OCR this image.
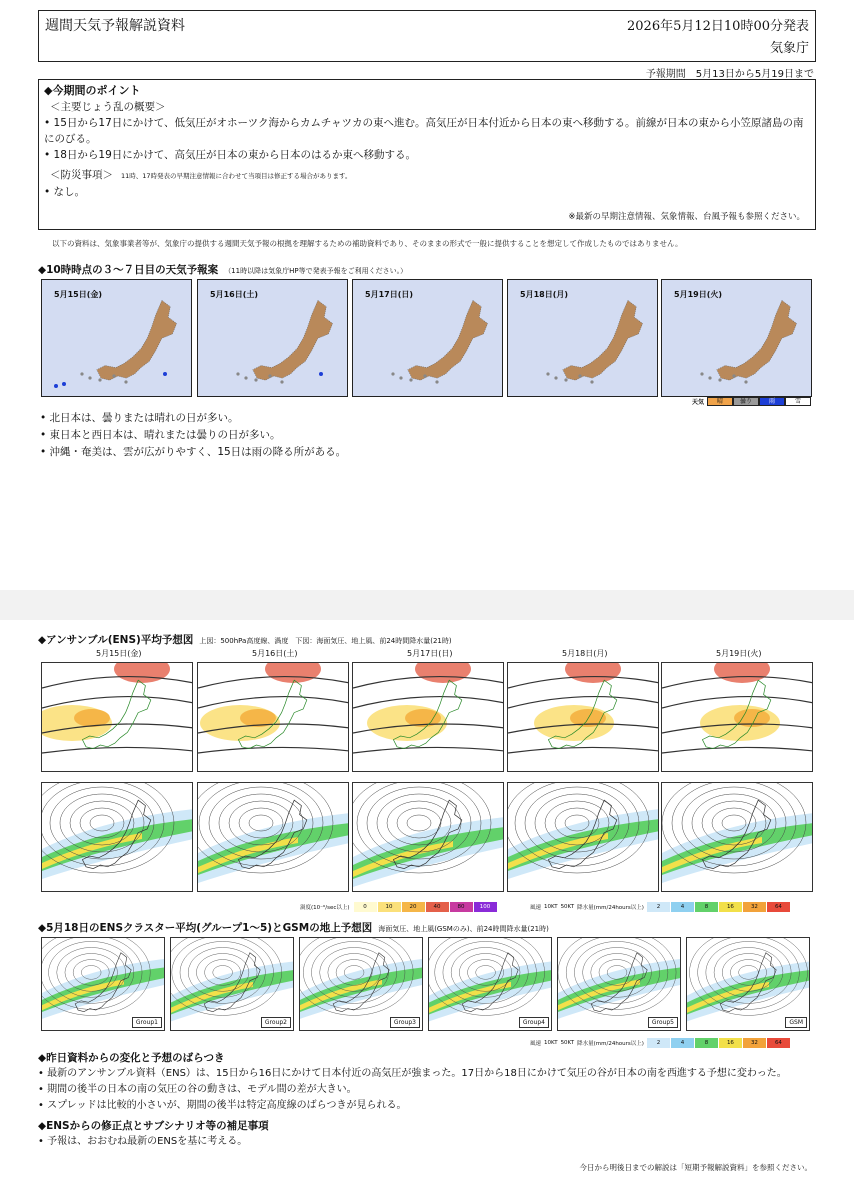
週間天気予報解説資料	2026年5月12日10時00分発表
気象庁
予報期間　5月13日から5月19日まで
◆今期間のポイント
＜主要じょう乱の概要＞
• 15日から17日にかけて、低気圧がオホーツク海からカムチャツカの東へ進む。高気圧が日本付近から日本の東へ移動する。前線が日本の東から小笠原諸島の南にのびる。
• 18日から19日にかけて、高気圧が日本の東から日本のはるか東へ移動する。
＜防災事項＞ 11時、17時発表の早期注意情報に合わせて当項目は修正する場合があります。
• なし。
※最新の早期注意情報、気象情報、台風予報も参照ください。
以下の資料は、気象事業者等が、気象庁の提供する週間天気予報の根拠を理解するための補助資料であり、そのままの形式で一般に提供することを想定して作成したものではありません。
◆10時時点の３～７日目の天気予報案 （11時以降は気象庁HP等で発表予報をご利用ください。）
5月15日(金)	5月16日(土)	5月17日(日)	5月18日(月)	5月19日(火)
天気	晴	曇り	雨	雪
• 北日本は、曇りまたは晴れの日が多い。
• 東日本と西日本は、晴れまたは曇りの日が多い。
• 沖縄・奄美は、雲が広がりやすく、15日は雨の降る所がある。
◆アンサンブル(ENS)平均予想図 上図：500hPa高度線、渦度　下図：海面気圧、地上風、前24時間降水量(21時)
5月15日(金)	5月16日(土)	5月17日(日)	5月18日(月)	5月19日(火)
渦度(10⁻⁶/sec以上)	0	10	20	40	80	100	風速 10KT 50KT 降水量(mm/24hours以上)	2	4	8	16	32	64
◆5月18日のENSクラスター平均(グループ1～5)とGSMの地上予想図 海面気圧、地上風(GSMのみ)、前24時間降水量(21時)
Group1	Group2	Group3	Group4	Group5	GSM
風速 10KT 50KT 降水量(mm/24hours以上)	2	4	8	16	32	64
◆昨日資料からの変化と予想のばらつき
• 最新のアンサンブル資料（ENS）は、15日から16日にかけて日本付近の高気圧が強まった。17日から18日にかけて気圧の谷が日本の南を西進する予想に変わった。
• 期間の後半の日本の南の気圧の谷の動きは、モデル間の差が大きい。
• スプレッドは比較的小さいが、期間の後半は特定高度線のばらつきが見られる。
◆ENSからの修正点とサブシナリオ等の補足事項
• 予報は、おおむね最新のENSを基に考える。
今日から明後日までの解説は「短期予報解説資料」を参照ください。
